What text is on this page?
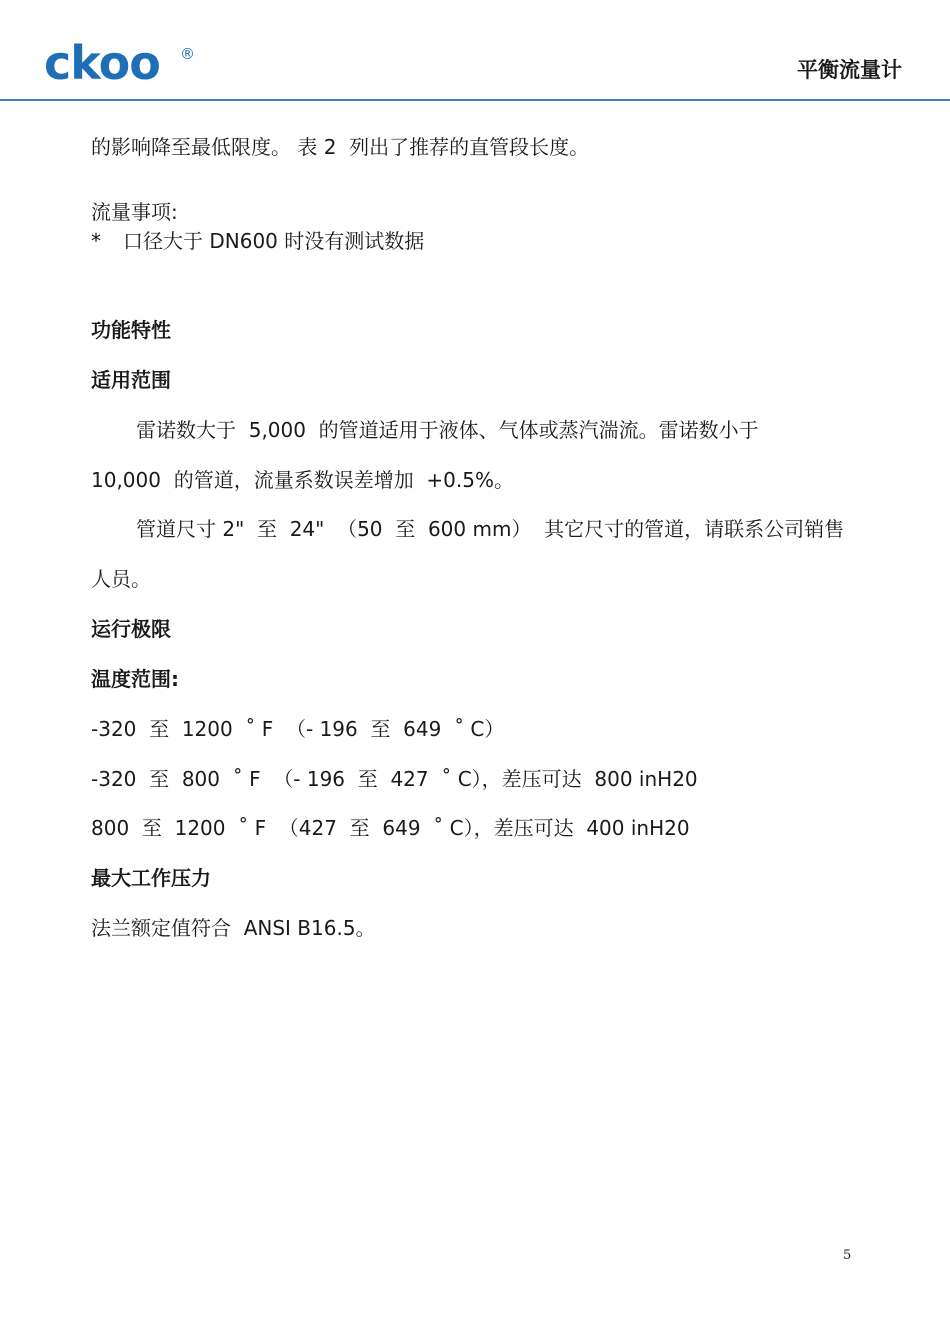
ckoo ®
平衡流量计
的影响降至最低限度。 表 2  列出了推荐的直管段长度。
流量事项:
* 口径大于 DN600 时没有测试数据
功能特性
适用范围
雷诺数大于  5,000  的管道适用于液体、气体或蒸汽湍流。雷诺数小于
10,000  的管道，流量系数误差增加  +0.5%。
管道尺寸 2"  至  24"  （50  至  600 mm）  其它尺寸的管道，请联系公司销售
人员。
运行极限
温度范围:
-320  至  1200  ˚ F  （- 196  至  649  ˚ C）
-320  至  800  ˚ F  （- 196  至  427  ˚ C），差压可达  800 inH20
800  至  1200  ˚ F  （427  至  649  ˚ C），差压可达  400 inH20
最大工作压力
法兰额定值符合  ANSI B16.5。
5
